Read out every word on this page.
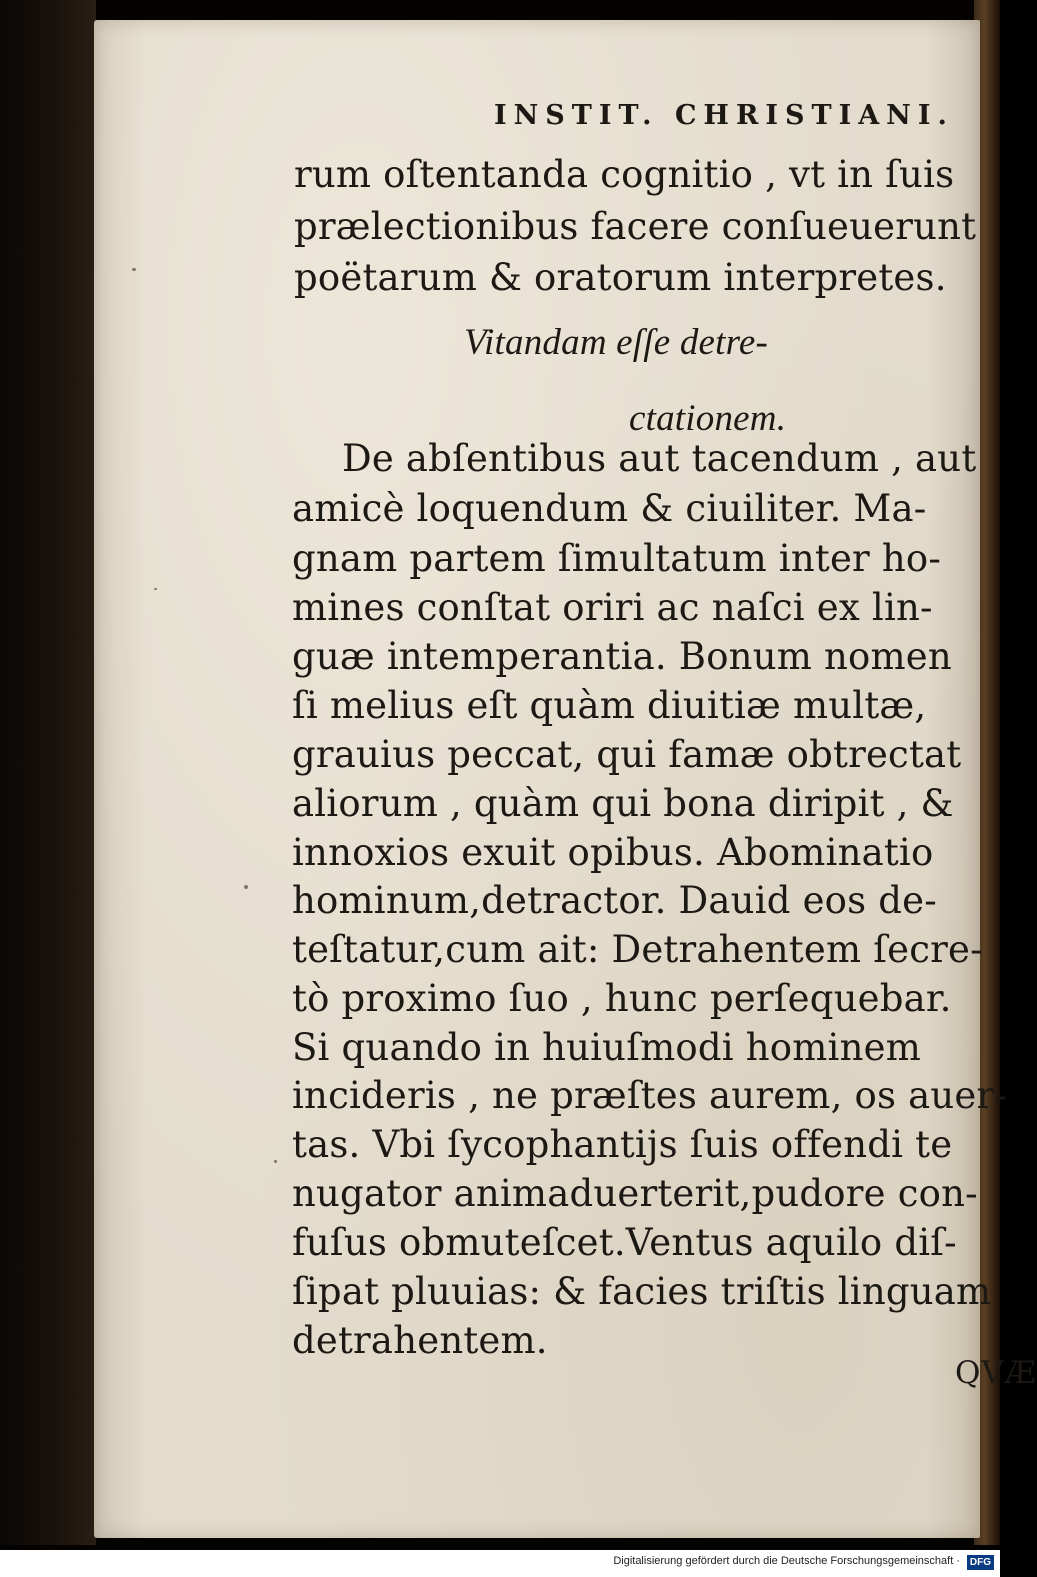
INSTIT. CHRISTIANI.
rum oſtentanda cognitio , vt in ſuis
prælectionibus facere conſueuerunt
poëtarum & oratorum interpretes.
Vitandam eſſe detre-
ctationem.
De abſentibus aut tacendum , aut
amicè loquendum & ciuiliter. Ma-
gnam partem ſimultatum inter ho-
mines conſtat oriri ac naſci ex lin-
guæ intemperantia. Bonum nomen
ſi melius eſt quàm diuitiæ multæ,
grauius peccat, qui famæ obtrectat
aliorum , quàm qui bona diripit , &
innoxios exuit opibus. Abominatio
hominum,detractor. Dauid eos de-
teſtatur,cum ait: Detrahentem ſecre-
tò proximo ſuo , hunc perſequebar.
Si quando in huiuſmodi hominem
incideris , ne præſtes aurem, os auer-
tas. Vbi ſycophantijs ſuis offendi te
nugator animaduerterit,pudore con-
fuſus obmuteſcet.Ventus aquilo diſ-
ſipat pluuias: & facies triſtis linguam
detrahentem.
QVÆ
Digitalisierung gefördert durch die Deutsche Forschungsgemeinschaft · DFG
